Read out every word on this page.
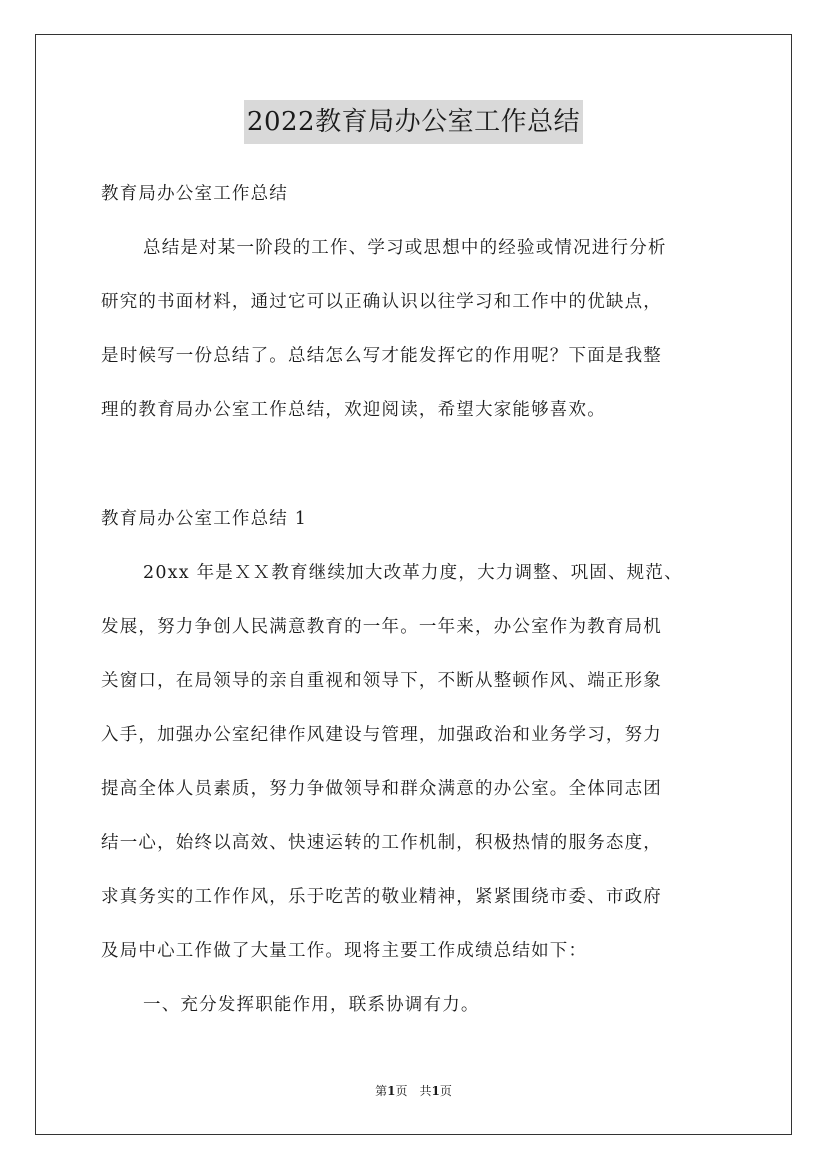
2022教育局办公室工作总结
教育局办公室工作总结
总结是对某一阶段的工作、学习或思想中的经验或情况进行分析
研究的书面材料，通过它可以正确认识以往学习和工作中的优缺点，
是时候写一份总结了。总结怎么写才能发挥它的作用呢？下面是我整
理的教育局办公室工作总结，欢迎阅读，希望大家能够喜欢。
教育局办公室工作总结 1
20xx 年是ＸＸ教育继续加大改革力度，大力调整、巩固、规范、
发展，努力争创人民满意教育的一年。一年来，办公室作为教育局机
关窗口，在局领导的亲自重视和领导下，不断从整顿作风、端正形象
入手，加强办公室纪律作风建设与管理，加强政治和业务学习，努力
提高全体人员素质，努力争做领导和群众满意的办公室。全体同志团
结一心，始终以高效、快速运转的工作机制，积极热情的服务态度，
求真务实的工作作风，乐于吃苦的敬业精神，紧紧围绕市委、市政府
及局中心工作做了大量工作。现将主要工作成绩总结如下：
一、充分发挥职能作用，联系协调有力。
第1页　共1页
